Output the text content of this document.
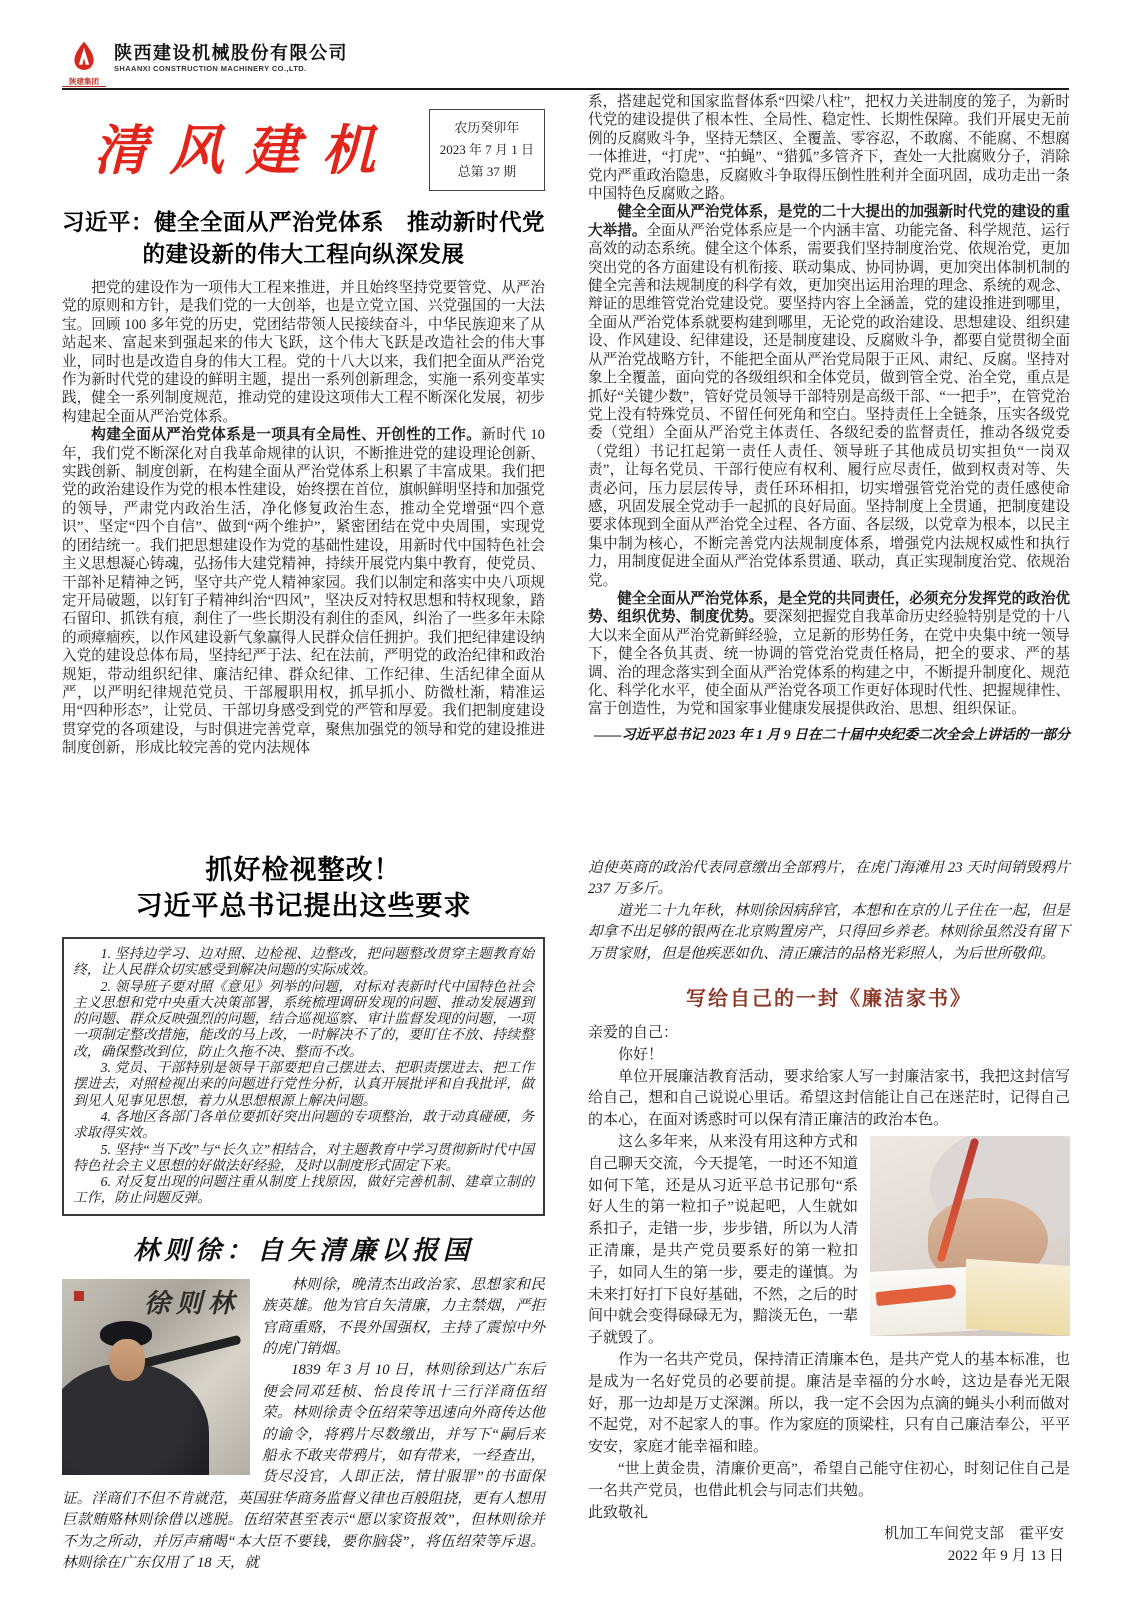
陕建集团
陕西建设机械股份有限公司
SHAANXI CONSTRUCTION MACHINERY CO.,LTD.
清风建机	农历癸卯年
2023 年 7 月 1 日
总第 37 期
习近平：健全全面从严治党体系　推动新时代党
的建设新的伟大工程向纵深发展

把党的建设作为一项伟大工程来推进，并且始终坚持党要管党、从严治党的原则和方针，是我们党的一大创举，也是立党立国、兴党强国的一大法宝。回顾 100 多年党的历史，党团结带领人民接续奋斗，中华民族迎来了从站起来、富起来到强起来的伟大飞跃，这个伟大飞跃是改造社会的伟大事业，同时也是改造自身的伟大工程。党的十八大以来，我们把全面从严治党作为新时代党的建设的鲜明主题，提出一系列创新理念，实施一系列变革实践，健全一系列制度规范，推动党的建设这项伟大工程不断深化发展，初步构建起全面从严治党体系。

构建全面从严治党体系是一项具有全局性、开创性的工作。新时代 10 年，我们党不断深化对自我革命规律的认识，不断推进党的建设理论创新、实践创新、制度创新，在构建全面从严治党体系上积累了丰富成果。我们把党的政治建设作为党的根本性建设，始终摆在首位，旗帜鲜明坚持和加强党的领导，严肃党内政治生活，净化修复政治生态，推动全党增强“四个意识”、坚定“四个自信”、做到“两个维护”，紧密团结在党中央周围，实现党的团结统一。我们把思想建设作为党的基础性建设，用新时代中国特色社会主义思想凝心铸魂，弘扬伟大建党精神，持续开展党内集中教育，使党员、干部补足精神之钙，坚守共产党人精神家园。我们以制定和落实中央八项规定开局破题，以钉钉子精神纠治“四风”，坚决反对特权思想和特权现象，踏石留印、抓铁有痕，刹住了一些长期没有刹住的歪风，纠治了一些多年未除的顽瘴痼疾，以作风建设新气象赢得人民群众信任拥护。我们把纪律建设纳入党的建设总体布局，坚持纪严于法、纪在法前，严明党的政治纪律和政治规矩，带动组织纪律、廉洁纪律、群众纪律、工作纪律、生活纪律全面从严，以严明纪律规范党员、干部履职用权，抓早抓小、防微杜渐，精准运用“四种形态”，让党员、干部切身感受到党的严管和厚爱。我们把制度建设贯穿党的各项建设，与时俱进完善党章，聚焦加强党的领导和党的建设推进制度创新，形成比较完善的党内法规体

系，搭建起党和国家监督体系“四梁八柱”，把权力关进制度的笼子，为新时代党的建设提供了根本性、全局性、稳定性、长期性保障。我们开展史无前例的反腐败斗争，坚持无禁区、全覆盖、零容忍，不敢腐、不能腐、不想腐一体推进，“打虎”、“拍蝇”、“猎狐”多管齐下，查处一大批腐败分子，消除党内严重政治隐患，反腐败斗争取得压倒性胜利并全面巩固，成功走出一条中国特色反腐败之路。

健全全面从严治党体系，是党的二十大提出的加强新时代党的建设的重大举措。全面从严治党体系应是一个内涵丰富、功能完备、科学规范、运行高效的动态系统。健全这个体系，需要我们坚持制度治党、依规治党，更加突出党的各方面建设有机衔接、联动集成、协同协调，更加突出体制机制的健全完善和法规制度的科学有效，更加突出运用治理的理念、系统的观念、辩证的思维管党治党建设党。要坚持内容上全涵盖，党的建设推进到哪里，全面从严治党体系就要构建到哪里，无论党的政治建设、思想建设、组织建设、作风建设、纪律建设，还是制度建设、反腐败斗争，都要自觉贯彻全面从严治党战略方针，不能把全面从严治党局限于正风、肃纪、反腐。坚持对象上全覆盖，面向党的各级组织和全体党员，做到管全党、治全党，重点是抓好“关键少数”，管好党员领导干部特别是高级干部、“一把手”，在管党治党上没有特殊党员、不留任何死角和空白。坚持责任上全链条，压实各级党委（党组）全面从严治党主体责任、各级纪委的监督责任，推动各级党委（党组）书记扛起第一责任人责任、领导班子其他成员切实担负“一岗双责”，让每名党员、干部行使应有权利、履行应尽责任，做到权责对等、失责必问，压力层层传导，责任环环相扣，切实增强管党治党的责任感使命感，巩固发展全党动手一起抓的良好局面。坚持制度上全贯通，把制度建设要求体现到全面从严治党全过程、各方面、各层级，以党章为根本，以民主集中制为核心，不断完善党内法规制度体系，增强党内法规权威性和执行力，用制度促进全面从严治党体系贯通、联动，真正实现制度治党、依规治党。

健全全面从严治党体系，是全党的共同责任，必须充分发挥党的政治优势、组织优势、制度优势。要深刻把握党自我革命历史经验特别是党的十八大以来全面从严治党新鲜经验，立足新的形势任务，在党中央集中统一领导下，健全各负其责、统一协调的管党治党责任格局，把全的要求、严的基调、治的理念落实到全面从严治党体系的构建之中，不断提升制度化、规范化、科学化水平，使全面从严治党各项工作更好体现时代性、把握规律性、富于创造性，为党和国家事业健康发展提供政治、思想、组织保证。

——习近平总书记 2023 年 1 月 9 日在二十届中央纪委二次全会上讲话的一部分
抓好检视整改！
习近平总书记提出这些要求

1. 坚持边学习、边对照、边检视、边整改，把问题整改贯穿主题教育始终，让人民群众切实感受到解决问题的实际成效。

2. 领导班子要对照《意见》列举的问题，对标对表新时代中国特色社会主义思想和党中央重大决策部署，系统梳理调研发现的问题、推动发展遇到的问题、群众反映强烈的问题，结合巡视巡察、审计监督发现的问题，一项一项制定整改措施，能改的马上改，一时解决不了的，要盯住不放、持续整改，确保整改到位，防止久拖不决、整而不改。

3. 党员、干部特别是领导干部要把自己摆进去、把职责摆进去、把工作摆进去，对照检视出来的问题进行党性分析，认真开展批评和自我批评，做到见人见事见思想，着力从思想根源上解决问题。

4. 各地区各部门各单位要抓好突出问题的专项整治，敢于动真碰硬，务求取得实效。

5. 坚持“当下改”与“长久立”相结合，对主题教育中学习贯彻新时代中国特色社会主义思想的好做法好经验，及时以制度形式固定下来。

6. 对反复出现的问题注重从制度上找原因，做好完善机制、建章立制的工作，防止问题反弹。

林则徐：自矢清廉以报国
徐则林

林则徐，晚清杰出政治家、思想家和民族英雄。他为官自矢清廉，力主禁烟，严拒官商重赂，不畏外国强权，主持了震惊中外的虎门销烟。

1839 年 3 月 10 日，林则徐到达广东后便会同邓廷桢、怡良传讯十三行洋商伍绍荣。林则徐责令伍绍荣等迅速向外商传达他的谕令，将鸦片尽数缴出，并写下“嗣后来船永不敢夹带鸦片，如有带来，一经查出，货尽没官，人即正法，情甘服罪”的书面保证。洋商们不但不肯就范，英国驻华商务监督义律也百般阻挠，更有人想用巨款贿赂林则徐借以逃脱。伍绍荣甚至表示“愿以家资报效”，但林则徐并不为之所动，并厉声痛喝“本大臣不要钱，要你脑袋”，将伍绍荣等斥退。林则徐在广东仅用了 18 天，就

迫使英商的政治代表同意缴出全部鸦片，在虎门海滩用 23 天时间销毁鸦片 237 万多斤。

道光二十九年秋，林则徐因病辞官，本想和在京的儿子住在一起，但是却拿不出足够的银两在北京购置房产，只得回乡养老。林则徐虽然没有留下万贯家财，但是他疾恶如仇、清正廉洁的品格光彩照人，为后世所敬仰。

写给自己的一封《廉洁家书》

亲爱的自己：

你好！

单位开展廉洁教育活动，要求给家人写一封廉洁家书，我把这封信写给自己，想和自己说说心里话。希望这封信能让自己在迷茫时，记得自己的本心，在面对诱惑时可以保有清正廉洁的政治本色。

这么多年来，从来没有用这种方式和自己聊天交流，今天提笔，一时还不知道如何下笔，还是从习近平总书记那句“系好人生的第一粒扣子”说起吧，人生就如系扣子，走错一步，步步错，所以为人清正清廉，是共产党员要系好的第一粒扣子，如同人生的第一步，要走的谨慎。为未来打好打下良好基础，不然，之后的时间中就会变得碌碌无为，黯淡无色，一辈子就毁了。

作为一名共产党员，保持清正清廉本色，是共产党人的基本标准，也是成为一名好党员的必要前提。廉洁是幸福的分水岭，这边是春光无限好，那一边却是万丈深渊。所以，我一定不会因为点滴的蝇头小利而做对不起党，对不起家人的事。作为家庭的顶梁柱，只有自己廉洁奉公，平平安安，家庭才能幸福和睦。

“世上黄金贵，清廉价更高”，希望自己能守住初心，时刻记住自己是一名共产党员，也借此机会与同志们共勉。

此致敬礼

机加工车间党支部　霍平安

2022 年 9 月 13 日
